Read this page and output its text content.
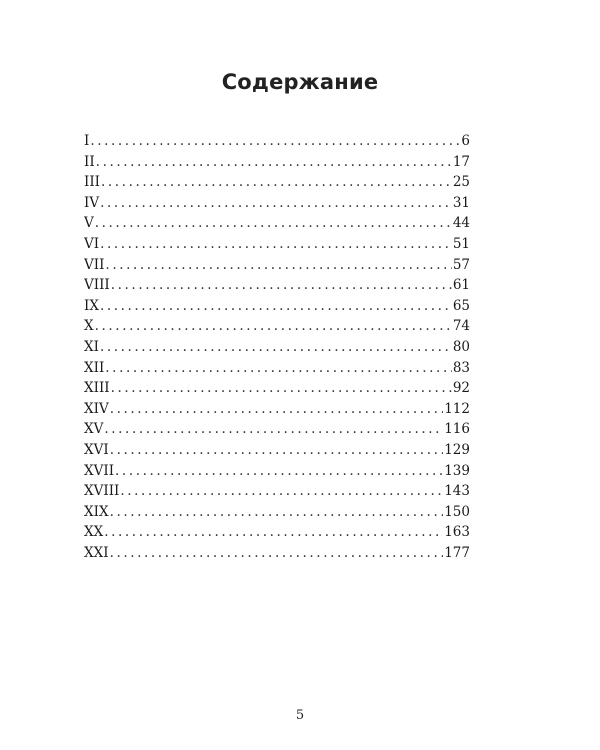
Содержание
I .....	6
II .....	17
III .....	25
IV .....	31
V .....	44
VI .....	51
VII .....	57
VIII .....	61
IX .....	65
X .....	74
XI .....	80
XII .....	83
XIII .....	92
XIV .....	112
XV .....	116
XVI .....	129
XVII .....	139
XVIII .....	143
XIX .....	150
XX .....	163
XXI .....	177
5
